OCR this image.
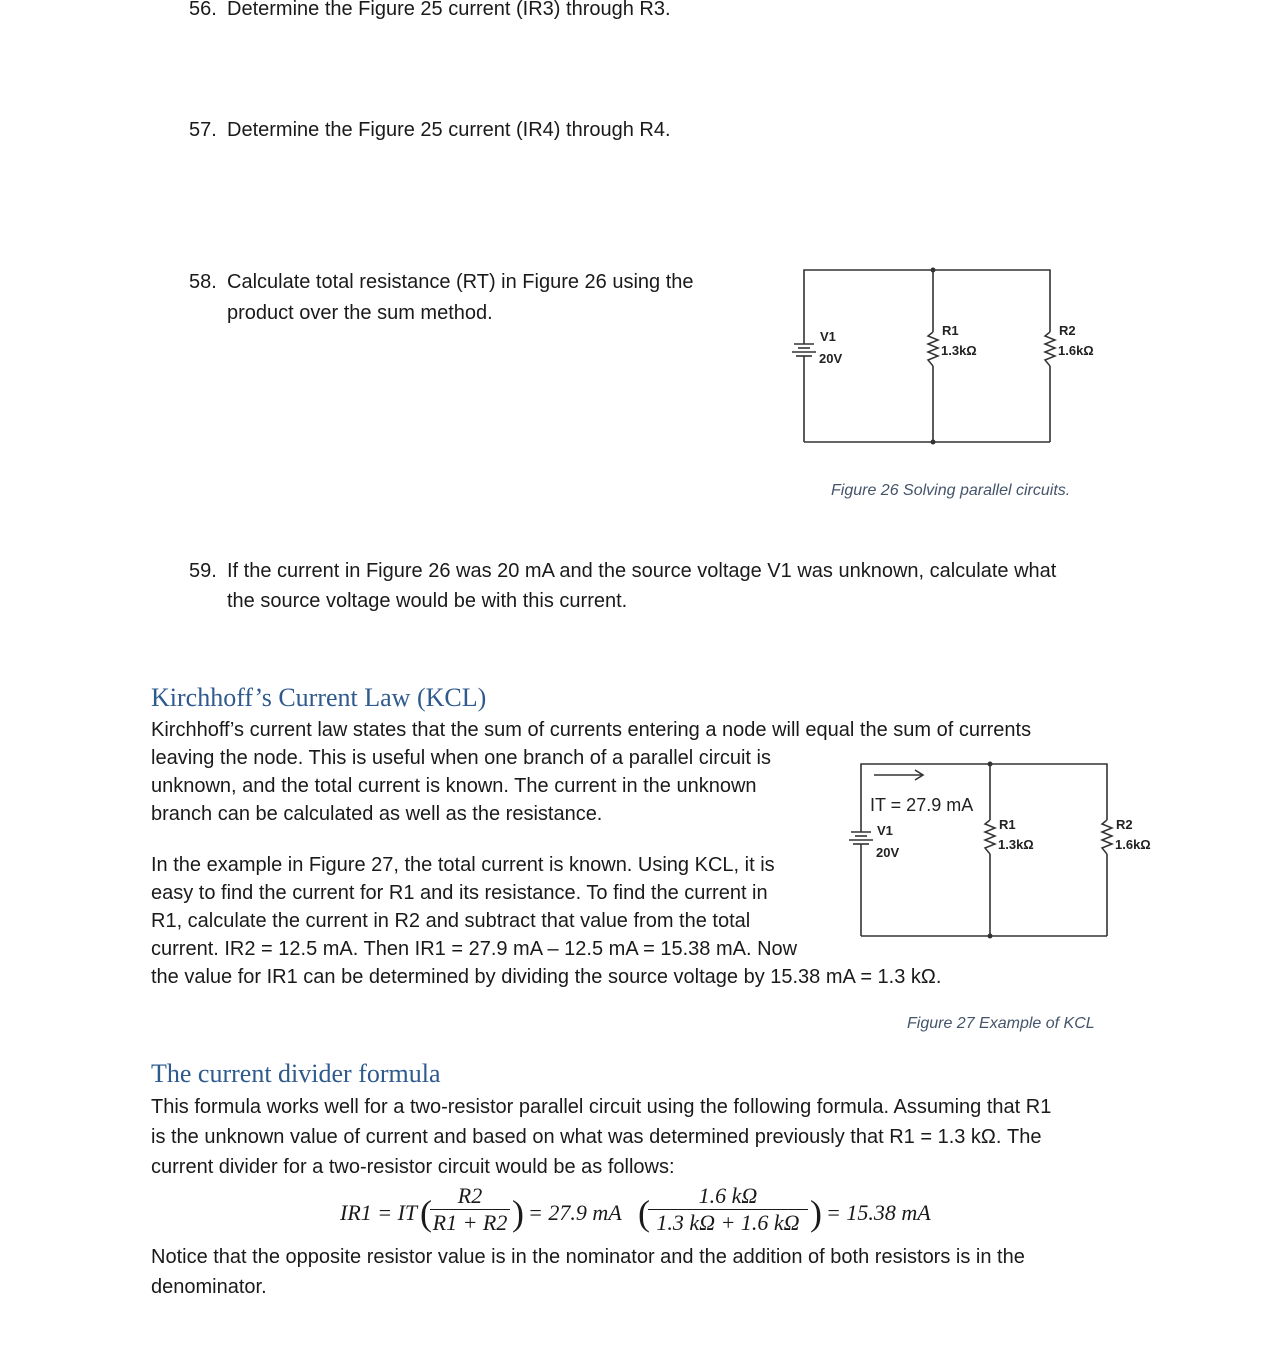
56. Determine the Figure 25 current (IR3) through R3.
57. Determine the Figure 25 current (IR4) through R4.
58. Calculate total resistance (RT) in Figure 26 using the
product over the sum method.
V1
20V
R1
1.3kΩ
R2
1.6kΩ
Figure 26 Solving parallel circuits.
59. If the current in Figure 26 was 20 mA and the source voltage V1 was unknown, calculate what
the source voltage would be with this current.
Kirchhoff’s Current Law (KCL)

Kirchhoff’s current law states that the sum of currents entering a node will equal the sum of currents

leaving the node. This is useful when one branch of a parallel circuit is

unknown, and the total current is known. The current in the unknown

branch can be calculated as well as the resistance.

In the example in Figure 27, the total current is known. Using KCL, it is

easy to find the current for R1 and its resistance. To find the current in

R1, calculate the current in R2 and subtract that value from the total

current. IR2 = 12.5 mA. Then IR1 = 27.9 mA – 12.5 mA = 15.38 mA. Now

the value for IR1 can be determined by dividing the source voltage by 15.38 mA = 1.3 kΩ.

IT = 27.9 mA
V1
20V
R1
1.3kΩ
R2
1.6kΩ
Figure 27 Example of KCL
The current divider formula

This formula works well for a two-resistor parallel circuit using the following formula. Assuming that R1

is the unknown value of current and based on what was determined previously that R1 = 1.3 kΩ. The

current divider for a two-resistor circuit would be as follows:

IR1 = IT (
$\frac{R2}{R1 + R2}$ ) = 27.9 mA (
$\frac{1.6 k\Omega}{1.3 k\Omega + 1.6 k\Omega}$ ) = 15.38 mA

Notice that the opposite resistor value is in the nominator and the addition of both resistors is in the

denominator.
